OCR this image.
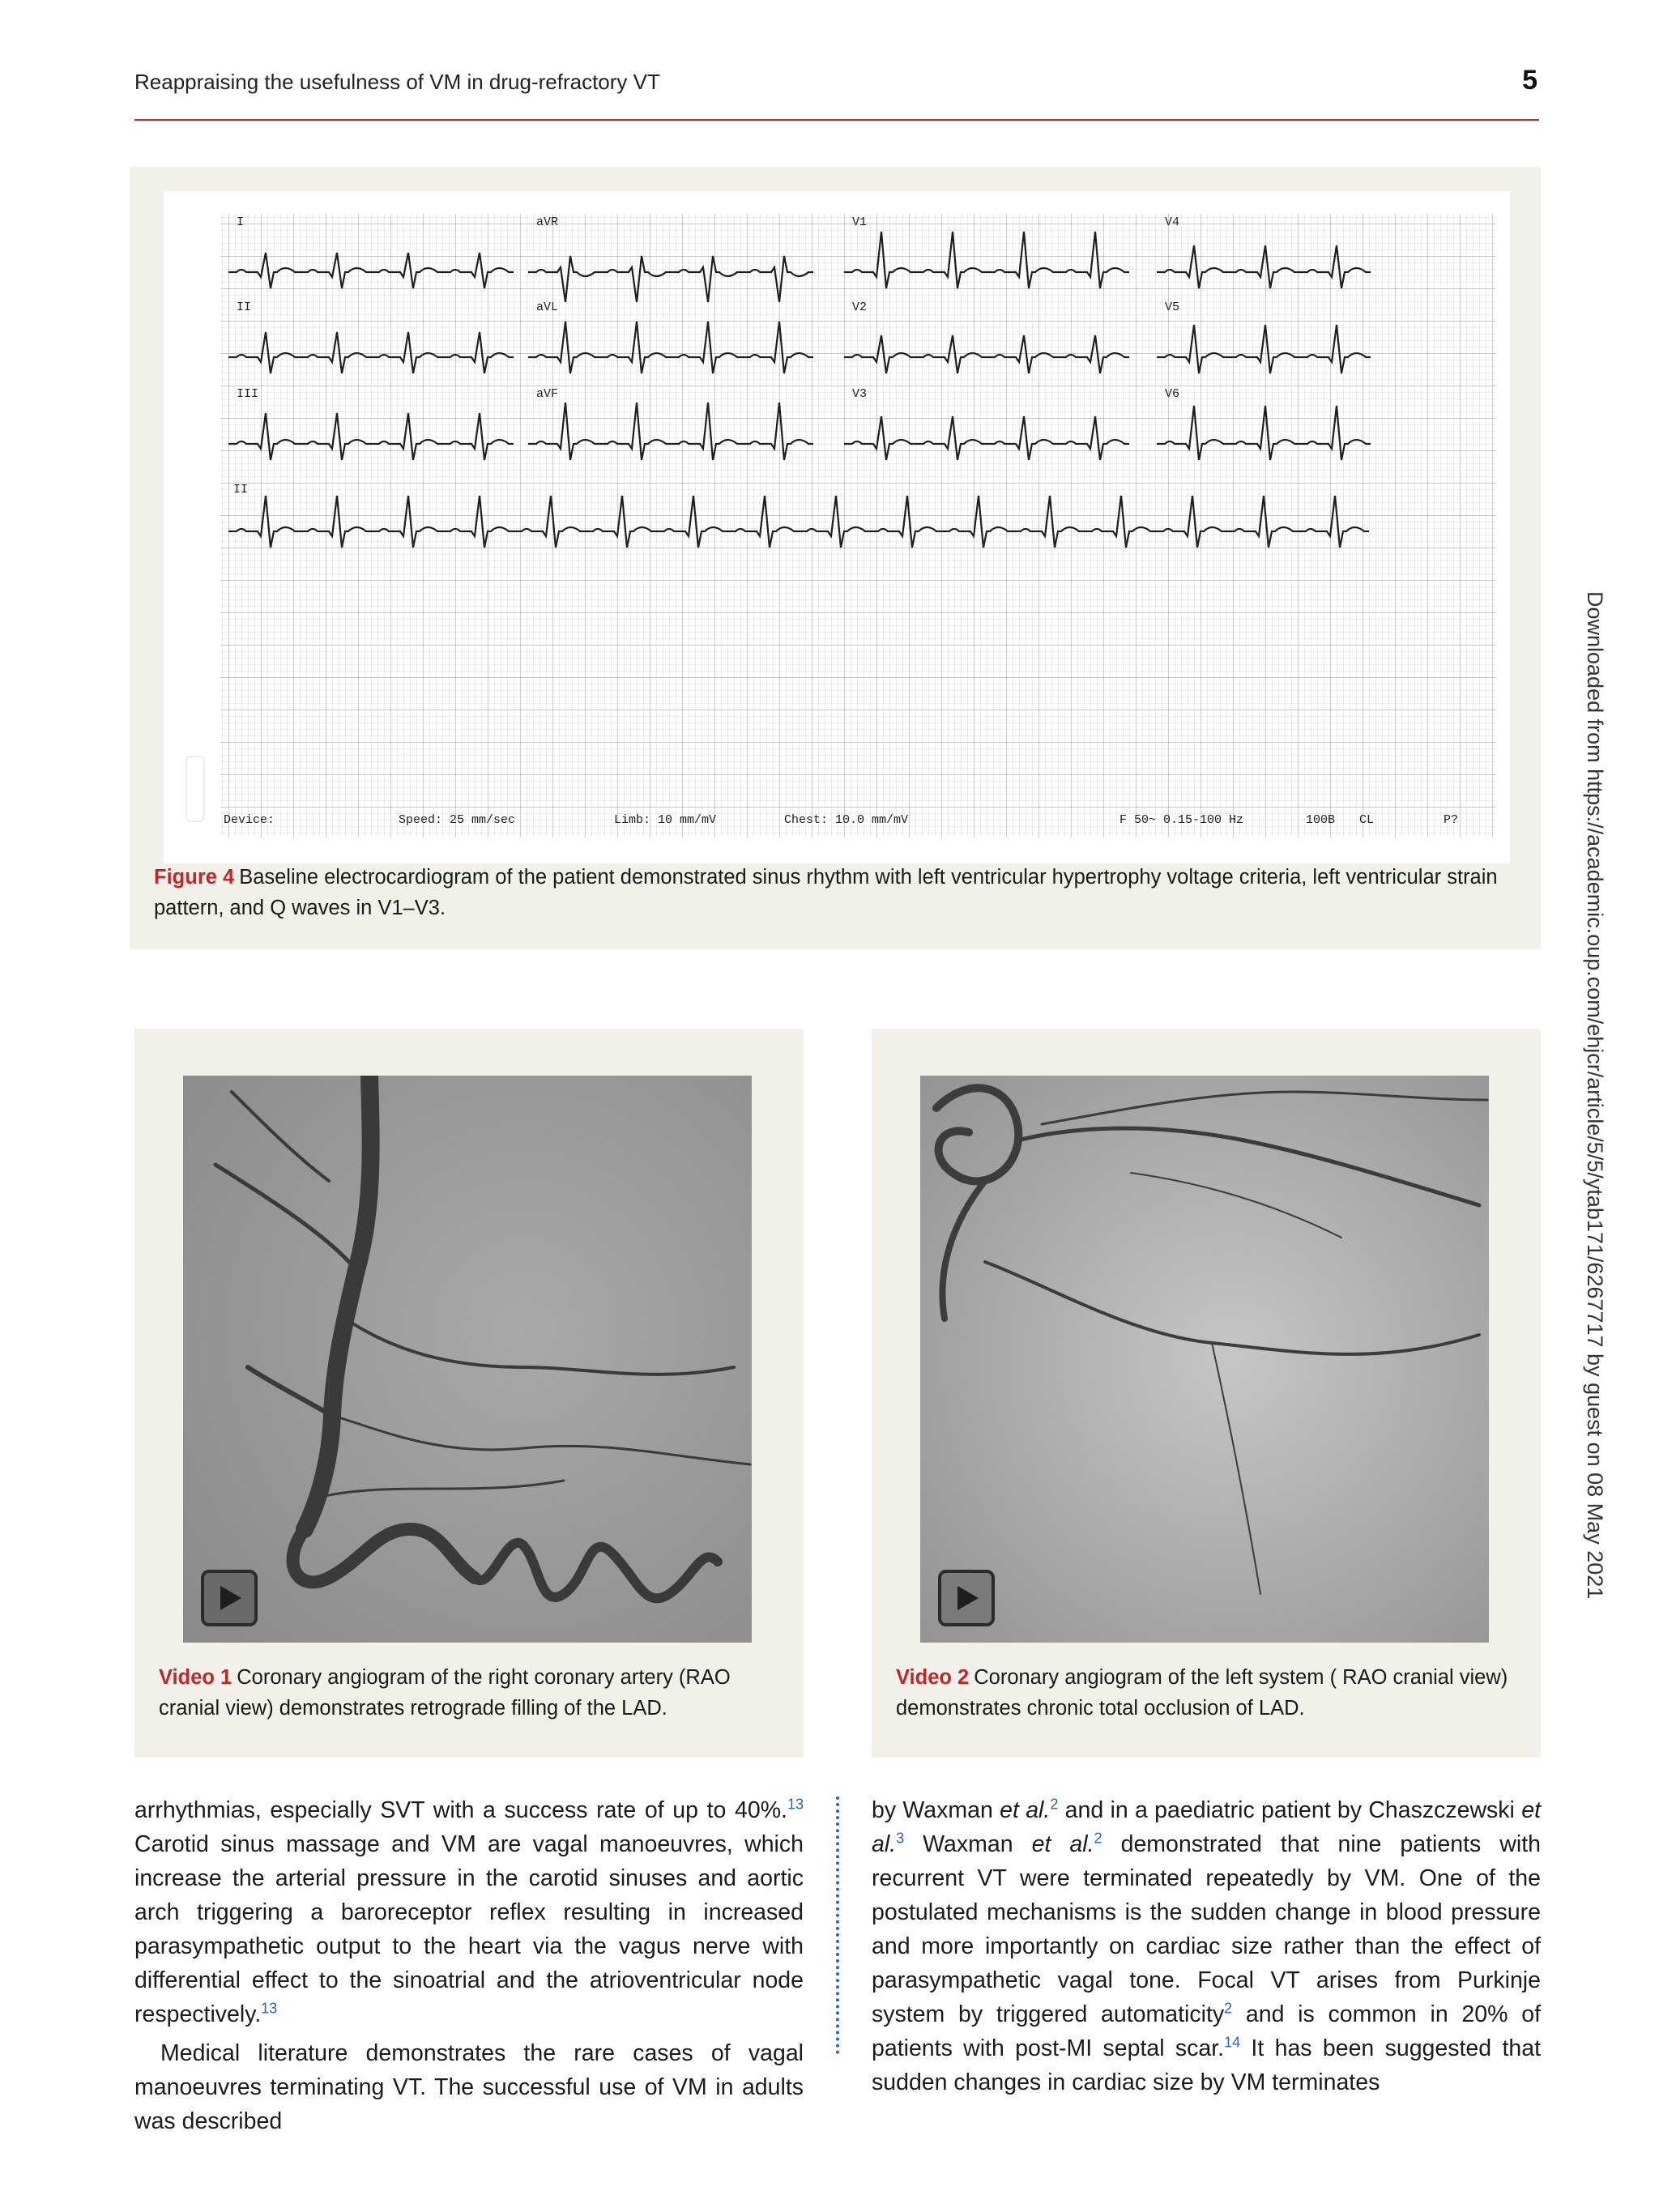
Reappraising the usefulness of VM in drug-refractory VT	5
Downloaded from https://academic.oup.com/ehjcr/article/5/5/ytab171/6267717 by guest on 08 May 2021
I	aVR	V1	V4
II	aVL	V2	V5
III	aVF	V3	V6
II
Device:	Speed: 25 mm/sec	Limb: 10 mm/mV	Chest: 10.0 mm/mV	F 50~ 0.15-100 Hz	100B CL	P?
Figure 4 Baseline electrocardiogram of the patient demonstrated sinus rhythm with left ventricular hypertrophy voltage criteria, left ventricular strain pattern, and Q waves in V1–V3.
Video 1 Coronary angiogram of the right coronary artery (RAO cranial view) demonstrates retrograde filling of the LAD.
Video 2 Coronary angiogram of the left system ( RAO cranial view) demonstrates chronic total occlusion of LAD.

arrhythmias, especially SVT with a success rate of up to 40%.$^{13}$ Carotid sinus massage and VM are vagal manoeuvres, which increase the arterial pressure in the carotid sinuses and aortic arch triggering a baroreceptor reflex resulting in increased parasympathetic output to the heart via the vagus nerve with differential effect to the sinoatrial and the atrioventricular node respectively.$^{13}$

Medical literature demonstrates the rare cases of vagal manoeuvres terminating VT. The successful use of VM in adults was described

by Waxman et al.$^2$ and in a paediatric patient by Chaszczewski et al.$^3$ Waxman et al.$^2$ demonstrated that nine patients with recurrent VT were terminated repeatedly by VM. One of the postulated mechanisms is the sudden change in blood pressure and more importantly on cardiac size rather than the effect of parasympathetic vagal tone. Focal VT arises from Purkinje system by triggered automaticity$^2$ and is common in 20% of patients with post-MI septal scar.$^{14}$ It has been suggested that sudden changes in cardiac size by VM terminates
